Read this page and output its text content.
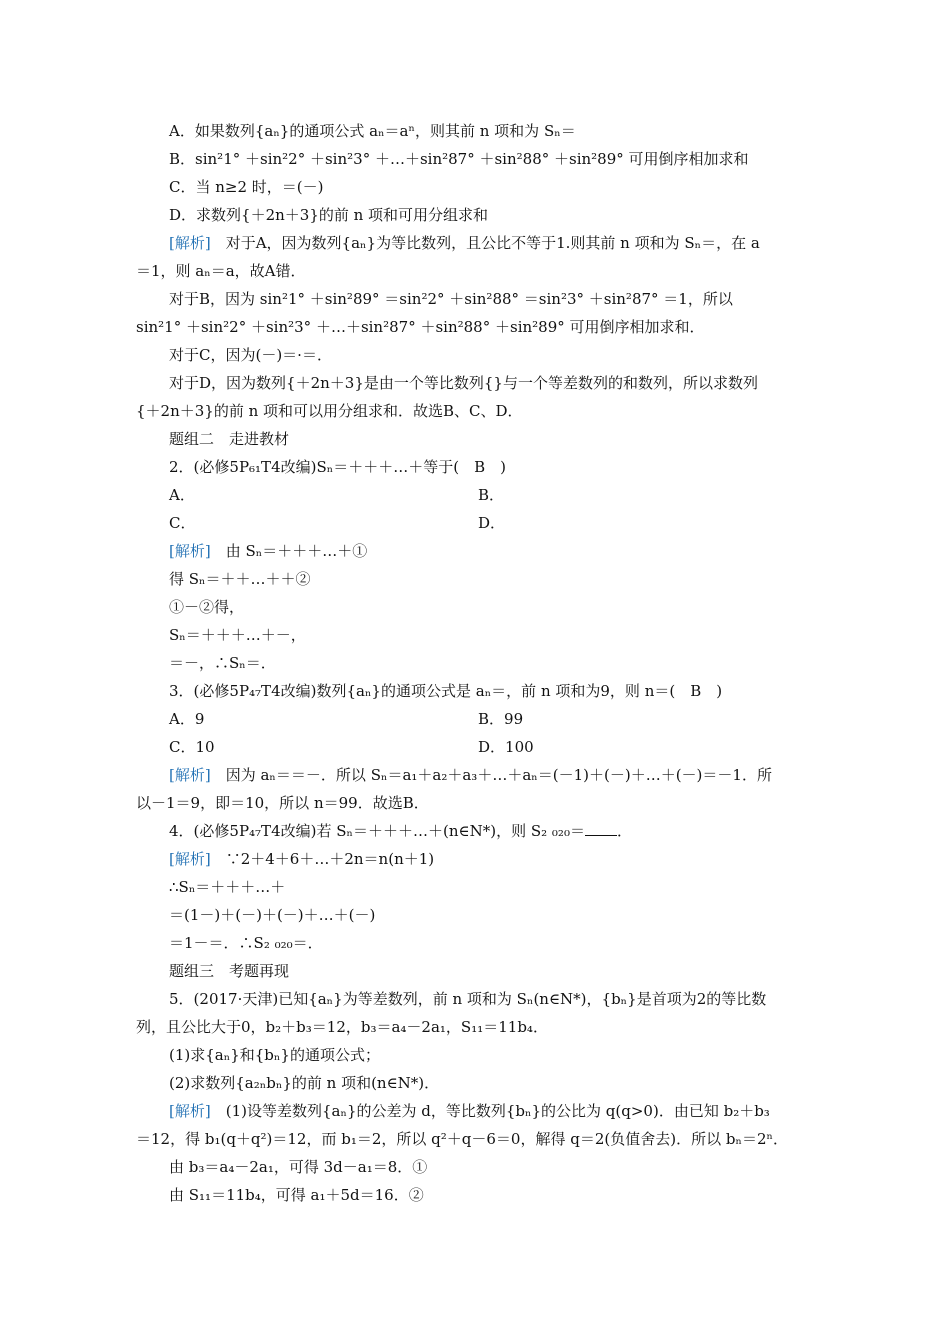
A．如果数列{aₙ}的通项公式 aₙ＝aⁿ，则其前 n 项和为 Sₙ＝
B．sin²1° ＋sin²2° ＋sin²3° ＋…＋sin²87° ＋sin²88° ＋sin²89° 可用倒序相加求和
C．当 n≥2 时，＝(－)
D．求数列{＋2n＋3}的前 n 项和可用分组求和
[解析]　对于A，因为数列{aₙ}为等比数列，且公比不等于1.则其前 n 项和为 Sₙ＝，在 a
＝1，则 aₙ＝a，故A错．
对于B，因为 sin²1° ＋sin²89° ＝sin²2° ＋sin²88° ＝sin²3° ＋sin²87° ＝1，所以
sin²1° ＋sin²2° ＋sin²3° ＋…＋sin²87° ＋sin²88° ＋sin²89° 可用倒序相加求和．
对于C，因为(－)＝·＝．
对于D，因为数列{＋2n＋3}是由一个等比数列{}与一个等差数列的和数列，所以求数列
{＋2n＋3}的前 n 项和可以用分组求和．故选B、C、D．
题组二　走进教材
2．(必修5P₆₁T4改编)Sₙ＝＋＋＋…＋等于(　B　)
A．	B．
C．	D．
[解析]　由 Sₙ＝＋＋＋…＋①
得 Sₙ＝＋＋…＋＋②
①－②得，
Sₙ＝＋＋＋…＋－，
＝－，∴Sₙ＝．
3．(必修5P₄₇T4改编)数列{aₙ}的通项公式是 aₙ＝，前 n 项和为9，则 n＝(　B　)
A．9	B．99
C．10	D．100
[解析]　因为 aₙ＝＝－．所以 Sₙ＝a₁＋a₂＋a₃＋…＋aₙ＝(－1)＋(－)＋…＋(－)＝－1．所
以－1＝9，即＝10，所以 n＝99．故选B．
4．(必修5P₄₇T4改编)若 Sₙ＝＋＋＋…＋(n∈N*)，则 S₂ ₀₂₀＝ ．
[解析]　∵2＋4＋6＋…＋2n＝n(n＋1)
∴Sₙ＝＋＋＋…＋
＝(1－)＋(－)＋(－)＋…＋(－)
＝1－＝．∴S₂ ₀₂₀＝．
题组三　考题再现
5．(2017·天津)已知{aₙ}为等差数列，前 n 项和为 Sₙ(n∈N*)，{bₙ}是首项为2的等比数
列，且公比大于0，b₂＋b₃＝12，b₃＝a₄－2a₁，S₁₁＝11b₄．
(1)求{aₙ}和{bₙ}的通项公式；
(2)求数列{a₂ₙbₙ}的前 n 项和(n∈N*)．
[解析]　(1)设等差数列{aₙ}的公差为 d，等比数列{bₙ}的公比为 q(q>0)．由已知 b₂＋b₃
＝12，得 b₁(q＋q²)＝12，而 b₁＝2，所以 q²＋q－6＝0，解得 q＝2(负值舍去)．所以 bₙ＝2ⁿ．
由 b₃＝a₄－2a₁，可得 3d－a₁＝8．①
由 S₁₁＝11b₄，可得 a₁＋5d＝16．②
